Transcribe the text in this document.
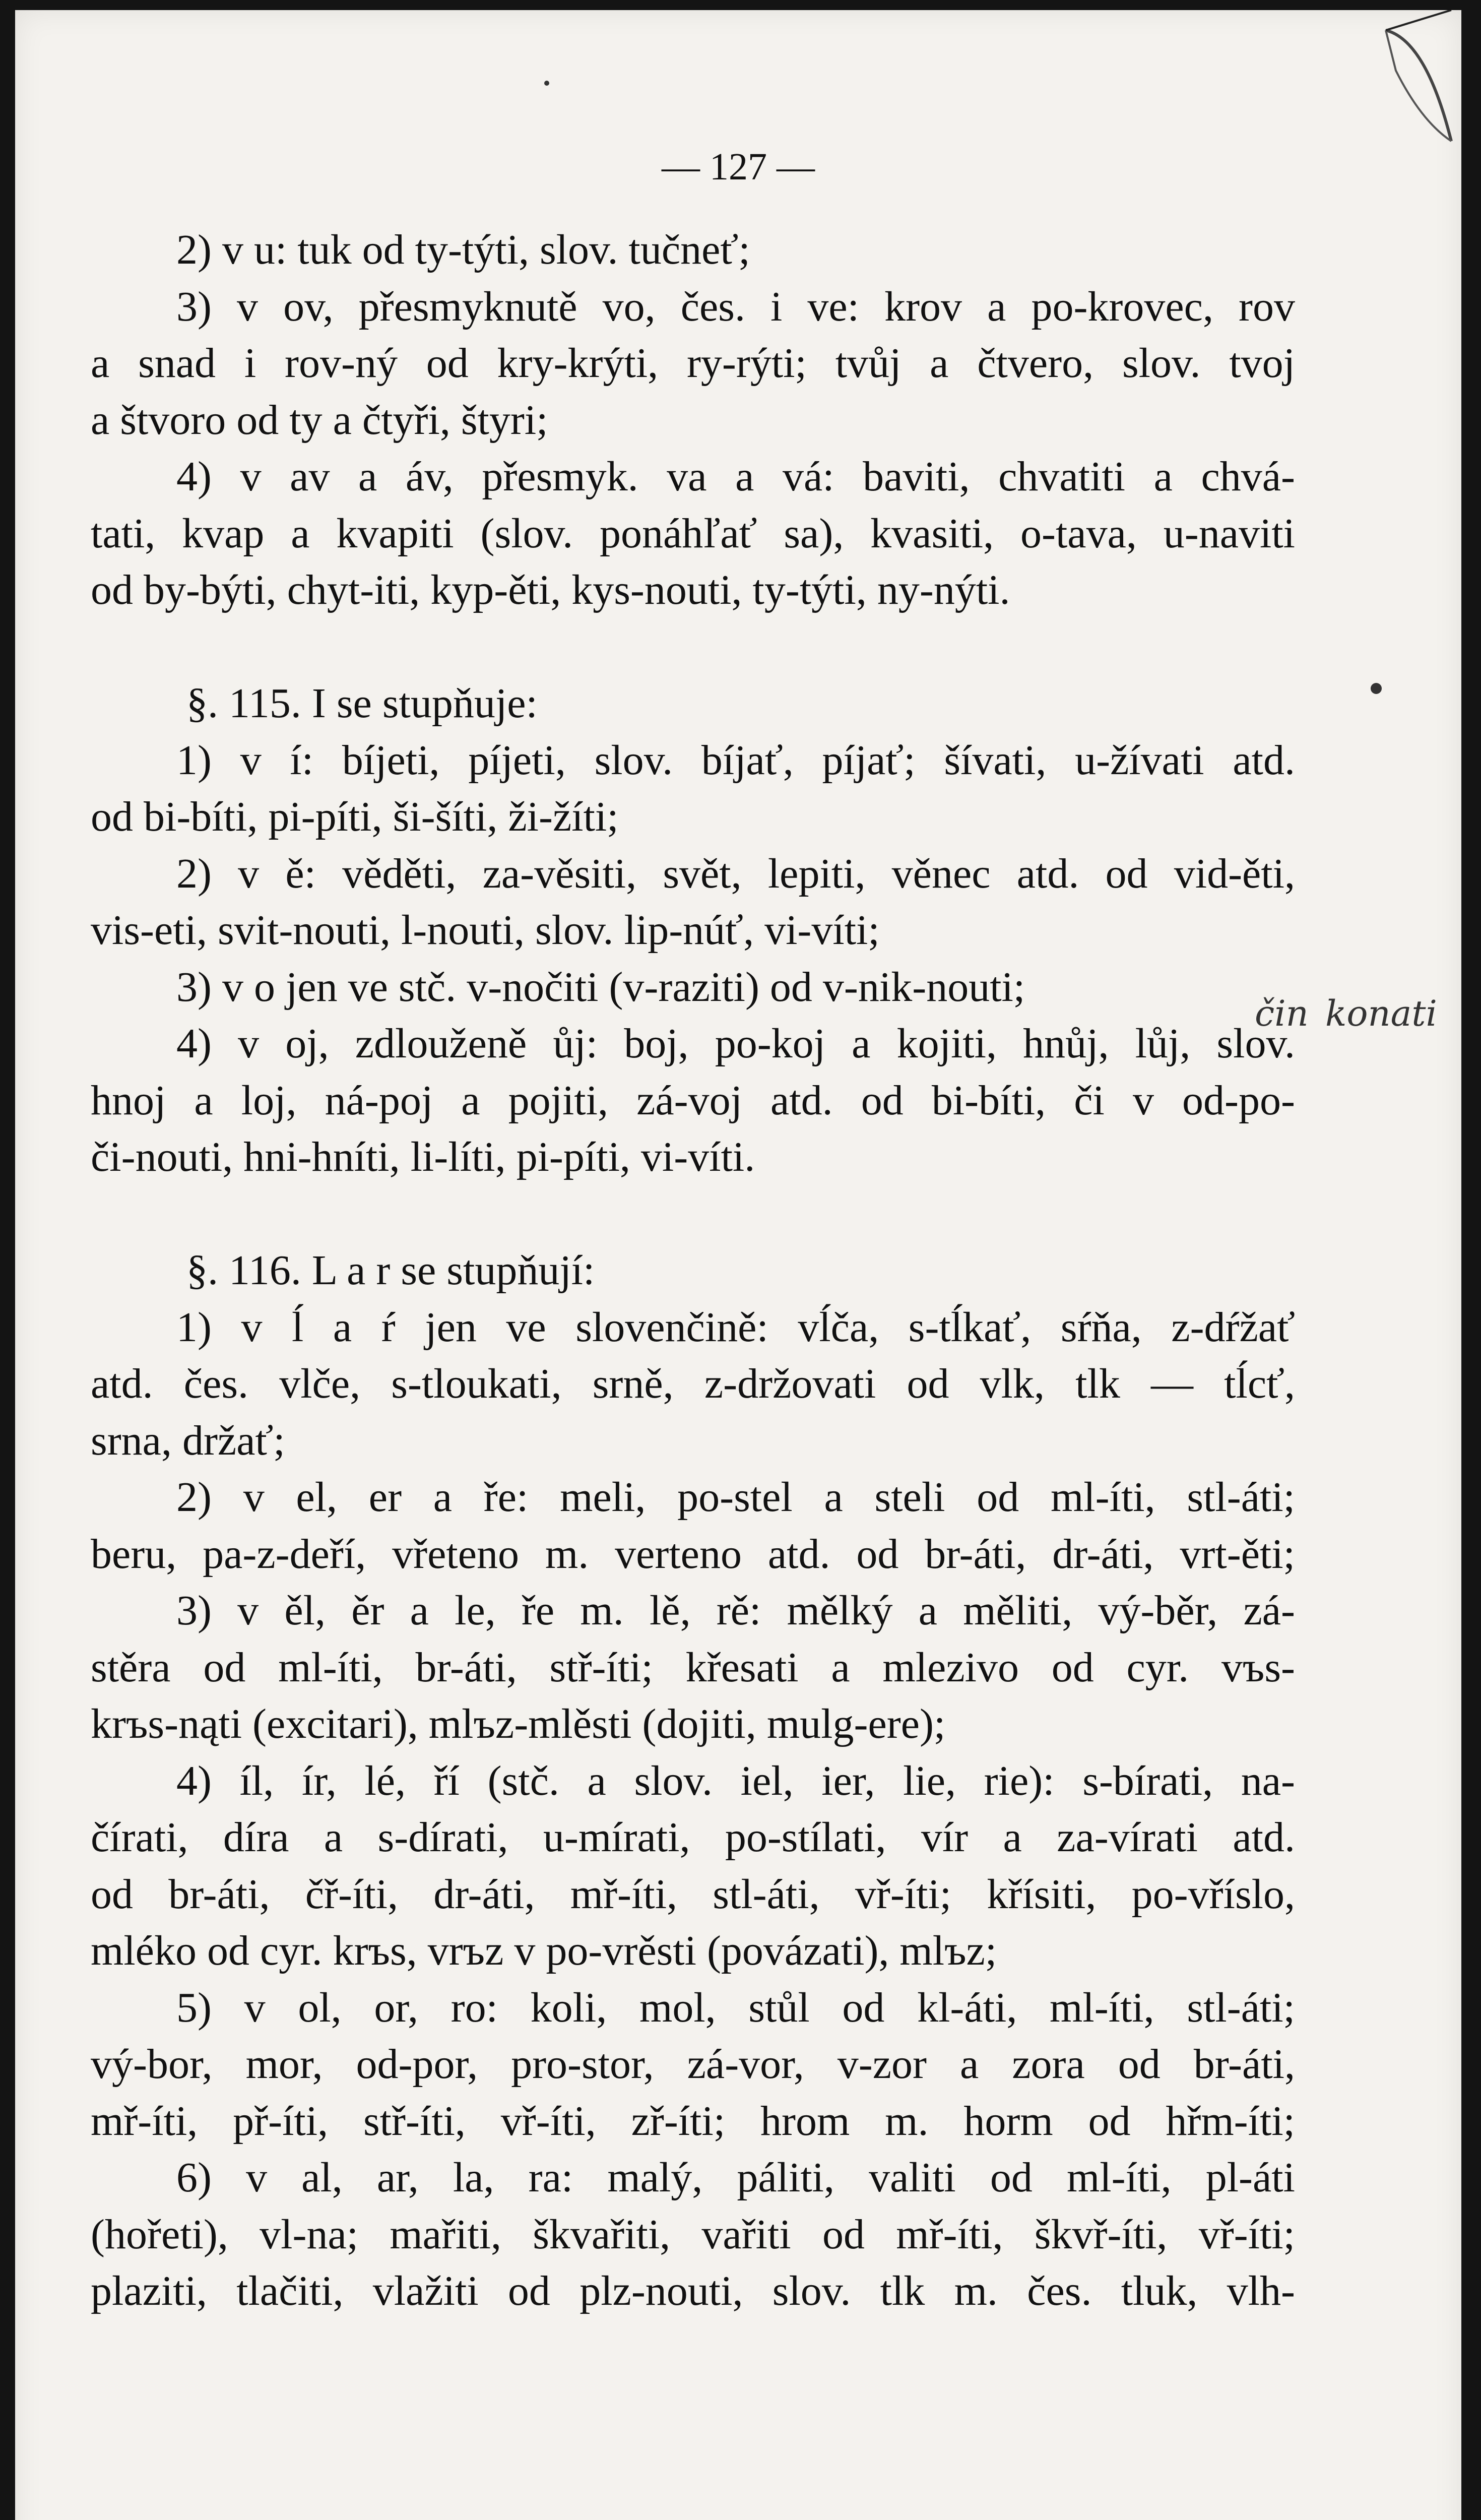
— 127 —
2) v u: tuk od ty-týti, slov. tučneť;
3) v ov, přesmyknutě vo, čes. i ve: krov a po-krovec, rov
a snad i rov-ný od kry-krýti, ry-rýti; tvůj a čtvero, slov. tvoj
a štvoro od ty a čtyři, štyri;
4) v av a áv, přesmyk. va a vá: baviti, chvatiti a chvá-
tati, kvap a kvapiti (slov. ponáhľať sa), kvasiti, o-tava, u-naviti
od by-býti, chyt-iti, kyp-ěti, kys-nouti, ty-týti, ny-nýti.
§. 115. I se stupňuje:
1) v í: bíjeti, píjeti, slov. bíjať, píjať; šívati, u-žívati atd.
od bi-bíti, pi-píti, ši-šíti, ži-žíti;
2) v ě: věděti, za-věsiti, svět, lepiti, věnec atd. od vid-ěti,
vis-eti, svit-nouti, l-nouti, slov. lip-núť, vi-víti;
3) v o jen ve stč. v-nočiti (v-raziti) od v-nik-nouti;
4) v oj, zdlouženě ůj: boj, po-koj a kojiti, hnůj, lůj, slov.
hnoj a loj, ná-poj a pojiti, zá-voj atd. od bi-bíti, či v od-po-
či-nouti, hni-hníti, li-líti, pi-píti, vi-víti.
§. 116. L a r se stupňují:
1) v ĺ a ŕ jen ve slovenčině: vĺča, s-tĺkať, sŕňa, z-dŕžať
atd. čes. vlče, s-tloukati, srně, z-držovati od vlk, tlk — tĺcť,
srna, držať;
2) v el, er a ře: meli, po-stel a steli od ml-íti, stl-áti;
beru, pa-z-deří, vřeteno m. verteno atd. od br-áti, dr-áti, vrt-ěti;
3) v ěl, ěr a le, ře m. lě, rě: mělký a měliti, vý-běr, zá-
stěra od ml-íti, br-áti, stř-íti; křesati a mlezivo od cyr. vъs-
krъs-nąti (excitari), mlъz-mlěsti (dojiti, mulg-ere);
4) íl, ír, lé, ří (stč. a slov. iel, ier, lie, rie): s-bírati, na-
čírati, díra a s-dírati, u-mírati, po-stílati, vír a za-vírati atd.
od br-áti, čř-íti, dr-áti, mř-íti, stl-áti, vř-íti; křísiti, po-vříslo,
mléko od cyr. krъs, vrъz v po-vrěsti (povázati), mlъz;
5) v ol, or, ro: koli, mol, stůl od kl-áti, ml-íti, stl-áti;
vý-bor, mor, od-por, pro-stor, zá-vor, v-zor a zora od br-áti,
mř-íti, př-íti, stř-íti, vř-íti, zř-íti; hrom m. horm od hřm-íti;
6) v al, ar, la, ra: malý, páliti, valiti od ml-íti, pl-áti
(hořeti), vl-na; mařiti, škvařiti, vařiti od mř-íti, škvř-íti, vř-íti;
plaziti, tlačiti, vlažiti od plz-nouti, slov. tlk m. čes. tluk, vlh-
čin konati
